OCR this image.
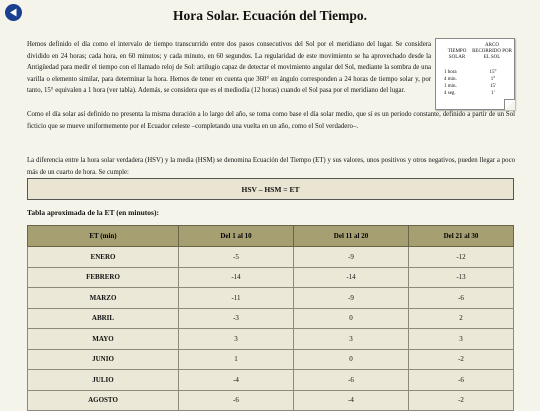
Hora Solar. Ecuación del Tiempo.

Hemos definido el día como el intervalo de tiempo transcurrido entre dos pasos consecutivos del Sol por el meridiano del lugar. Se considera dividido en 24 horas; cada hora, en 60 minutos; y cada minuto, en 60 segundos. La regularidad de este movimiento se ha aprovechado desde la Antigüedad para medir el tiempo con el llamado reloj de Sol: artilugio capaz de detectar el movimiento angular del Sol, mediante la sombra de una varilla o elemento similar, para determinar la hora. Hemos de tener en cuenta que 360° en ángulo corresponden a 24 horas de tiempo solar y, por tanto, 15° equivalen a 1 hora (ver tabla). Además, se considera que es el mediodía (12 horas) cuando el Sol pasa por el meridiano del lugar.

Como el día solar así definido no presenta la misma duración a lo largo del año, se toma como base el día solar medio, que sí es un periodo constante, definido a partir de un Sol ficticio que se mueve uniformemente por el Ecuador celeste –completando una vuelta en un año, como el Sol verdadero–.

La diferencia entre la hora solar verdadera (HSV) y la media (HSM) se denomina Ecuación del Tiempo (ET) y sus valores, unos positivos y otros negativos, pueden llegar a poco más de un cuarto de hora. Se cumple:

TIEMPO SOLAR
ARCO RECORRIDO POR EL SOL
1 hora	15°
4 min.	1°
1 min.	15'
4 seg.	1'
HSV – HSM = ET

Tabla aproximada de la ET (en minutos):

ET (min)	Del 1 al 10	Del 11 al 20	Del 21 al 30
ENERO	-5	-9	-12
FEBRERO	-14	-14	-13
MARZO	-11	-9	-6
ABRIL	-3	0	2
MAYO	3	3	3
JUNIO	1	0	-2
JULIO	-4	-6	-6
AGOSTO	-6	-4	-2
